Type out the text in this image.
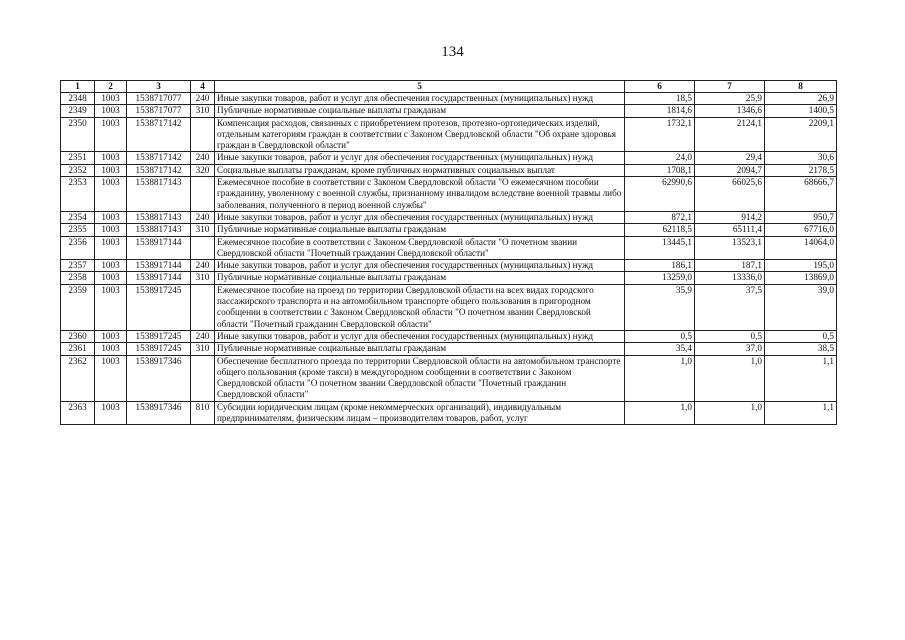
134
1	2	3	4	5	6	7	8
2348	1003	1538717077	240	Иные закупки товаров, работ и услуг для обеспечения государственных (муниципальных) нужд	18,5	25,9	26,9
2349	1003	1538717077	310	Публичные нормативные социальные выплаты гражданам	1814,6	1346,6	1400,5
2350	1003	1538717142		Компенсация расходов, связанных с приобретением протезов, протезно-ортопедических изделий, отдельным категориям граждан в соответствии с Законом Свердловской области "Об охране здоровья граждан в Свердловской области"	1732,1	2124,1	2209,1
2351	1003	1538717142	240	Иные закупки товаров, работ и услуг для обеспечения государственных (муниципальных) нужд	24,0	29,4	30,6
2352	1003	1538717142	320	Социальные выплаты гражданам, кроме публичных нормативных социальных выплат	1708,1	2094,7	2178,5
2353	1003	1538817143		Ежемесячное пособие в соответствии с Законом Свердловской области "О ежемесячном пособии гражданину, уволенному с военной службы, признанному инвалидом вследствие военной травмы либо заболевания, полученного в период военной службы"	62990,6	66025,6	68666,7
2354	1003	1538817143	240	Иные закупки товаров, работ и услуг для обеспечения государственных (муниципальных) нужд	872,1	914,2	950,7
2355	1003	1538817143	310	Публичные нормативные социальные выплаты гражданам	62118,5	65111,4	67716,0
2356	1003	1538917144		Ежемесячное пособие в соответствии с Законом Свердловской области "О почетном звании Свердловской области "Почетный гражданин Свердловской области"	13445,1	13523,1	14064,0
2357	1003	1538917144	240	Иные закупки товаров, работ и услуг для обеспечения государственных (муниципальных) нужд	186,1	187,1	195,0
2358	1003	1538917144	310	Публичные нормативные социальные выплаты гражданам	13259,0	13336,0	13869,0
2359	1003	1538917245		Ежемесячное пособие на проезд по территории Свердловской области на всех видах городского пассажирского транспорта и на автомобильном транспорте общего пользования в пригородном сообщении в соответствии с Законом Свердловской области "О почетном звании Свердловской области "Почетный гражданин Свердловской области"	35,9	37,5	39,0
2360	1003	1538917245	240	Иные закупки товаров, работ и услуг для обеспечения государственных (муниципальных) нужд	0,5	0,5	0,5
2361	1003	1538917245	310	Публичные нормативные социальные выплаты гражданам	35,4	37,0	38,5
2362	1003	1538917346		Обеспечение бесплатного проезда по территории Свердловской области на автомобильном транспорте общего пользования (кроме такси) в междугородном сообщении в соответствии с Законом Свердловской области "О почетном звании Свердловской области "Почетный гражданин Свердловской области"	1,0	1,0	1,1
2363	1003	1538917346	810	Субсидии юридическим лицам (кроме некоммерческих организаций), индивидуальным предпринимателям, физическим лицам – производителям товаров, работ, услуг	1,0	1,0	1,1
